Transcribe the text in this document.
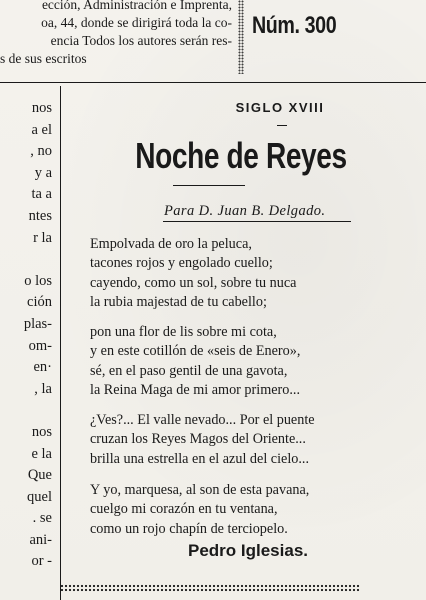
ección, Administración e Imprenta,
oa, 44, donde se dirigirá toda la co-
encia Todos los autores serán res-
s de sus escritos
Núm. 300
nos
a el
, no
y a
ta a
ntes
r la
o los
ción
plas-
om-
en·
, la
nos
e la
Que
quel
. se
ani-
or -
SIGLO XVIII
Noche de Reyes
Para D. Juan B. Delgado.
Empolvada de oro la peluca,
tacones rojos y engolado cuello;
cayendo, como un sol, sobre tu nuca
la rubia majestad de tu cabello;
pon una flor de lis sobre mi cota,
y en este cotillón de «seis de Enero»,
sé, en el paso gentil de una gavota,
la Reina Maga de mi amor primero...
¿Ves?... El valle nevado... Por el puente
cruzan los Reyes Magos del Oriente...
brilla una estrella en el azul del cielo...
Y yo, marquesa, al son de esta pavana,
cuelgo mi corazón en tu ventana,
como un rojo chapín de terciopelo.
Pedro Iglesias.
